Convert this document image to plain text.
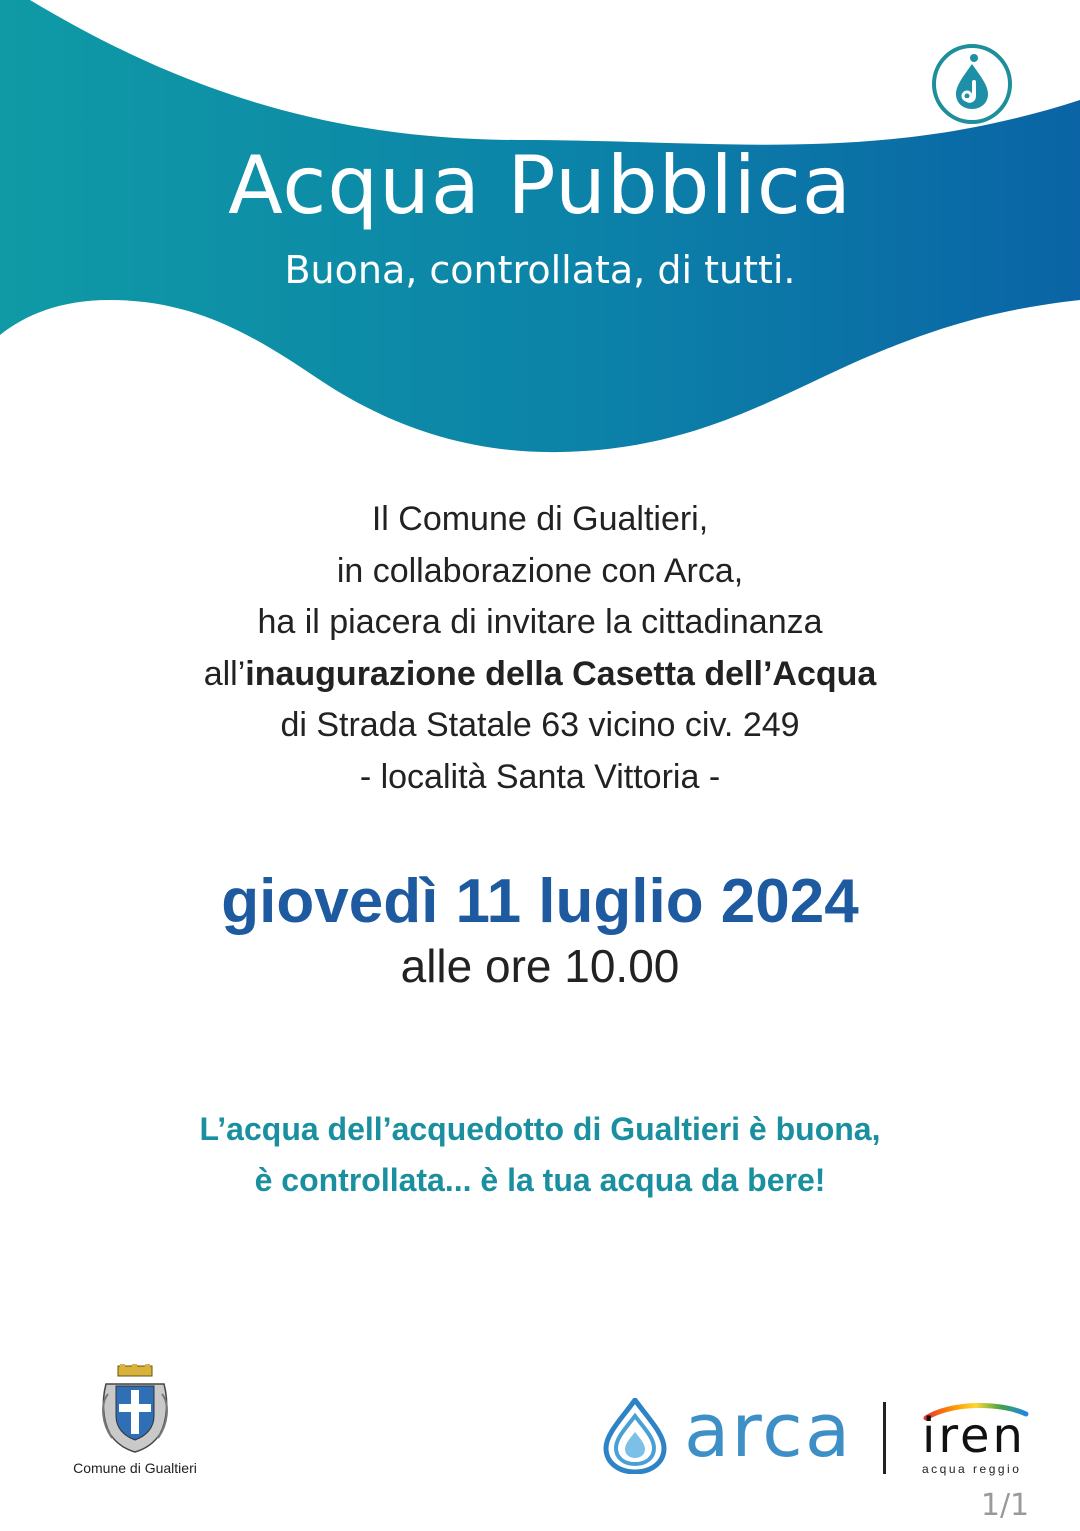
Acqua Pubblica
Buona, controllata, di tutti.
Il Comune di Gualtieri,
in collaborazione con Arca,
ha il piacera di invitare la cittadinanza
all’inaugurazione della Casetta dell’Acqua
di Strada Statale 63 vicino civ. 249
- località Santa Vittoria -
giovedì 11 luglio 2024
alle ore 10.00
L’acqua dell’acquedotto di Gualtieri è buona,
è controllata... è la tua acqua da bere!
Comune di Gualtieri	arca iren
acqua reggio
1/1
